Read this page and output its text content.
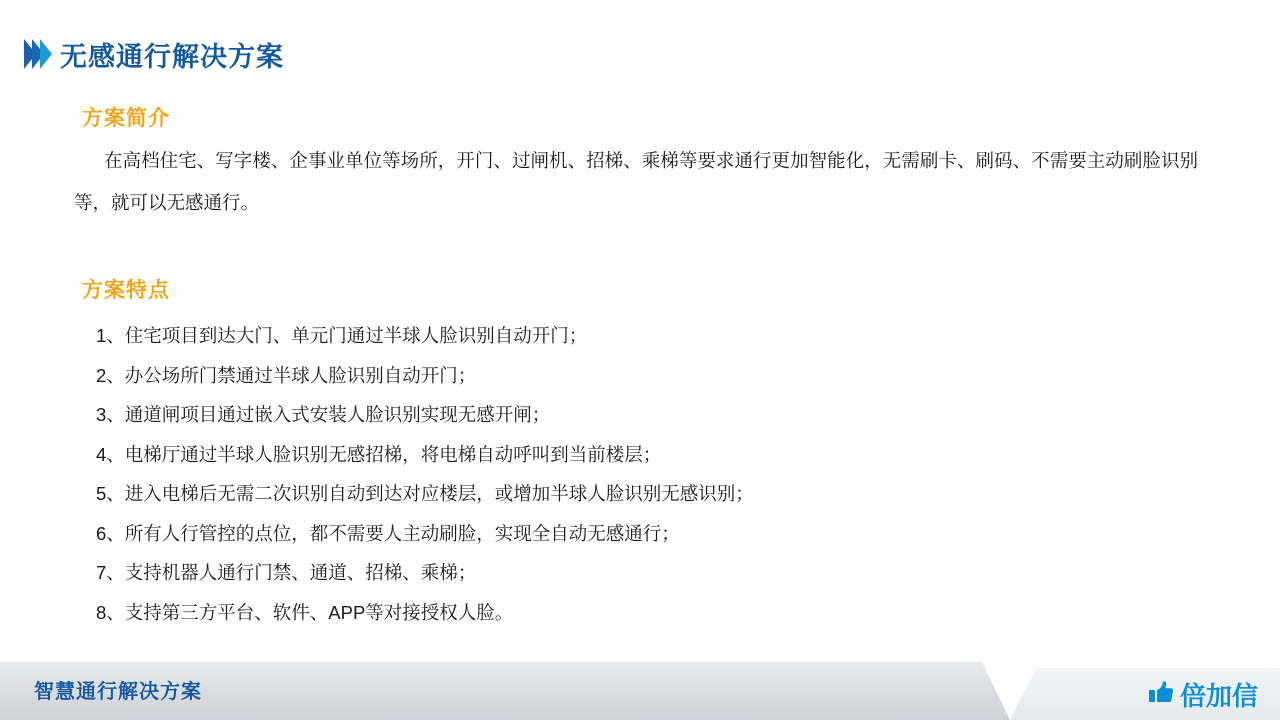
无感通行解决方案
方案简介
在高档住宅、写字楼、企事业单位等场所，开门、过闸机、招梯、乘梯等要求通行更加智能化，无需刷卡、刷码、不需要主动刷脸识别等，就可以无感通行。
方案特点
1、住宅项目到达大门、单元门通过半球人脸识别自动开门；
2、办公场所门禁通过半球人脸识别自动开门；
3、通道闸项目通过嵌入式安装人脸识别实现无感开闸；
4、电梯厅通过半球人脸识别无感招梯，将电梯自动呼叫到当前楼层；
5、进入电梯后无需二次识别自动到达对应楼层，或增加半球人脸识别无感识别；
6、所有人行管控的点位，都不需要人主动刷脸，实现全自动无感通行；
7、支持机器人通行门禁、通道、招梯、乘梯；
8、支持第三方平台、软件、APP等对接授权人脸。
智慧通行解决方案	倍加信
